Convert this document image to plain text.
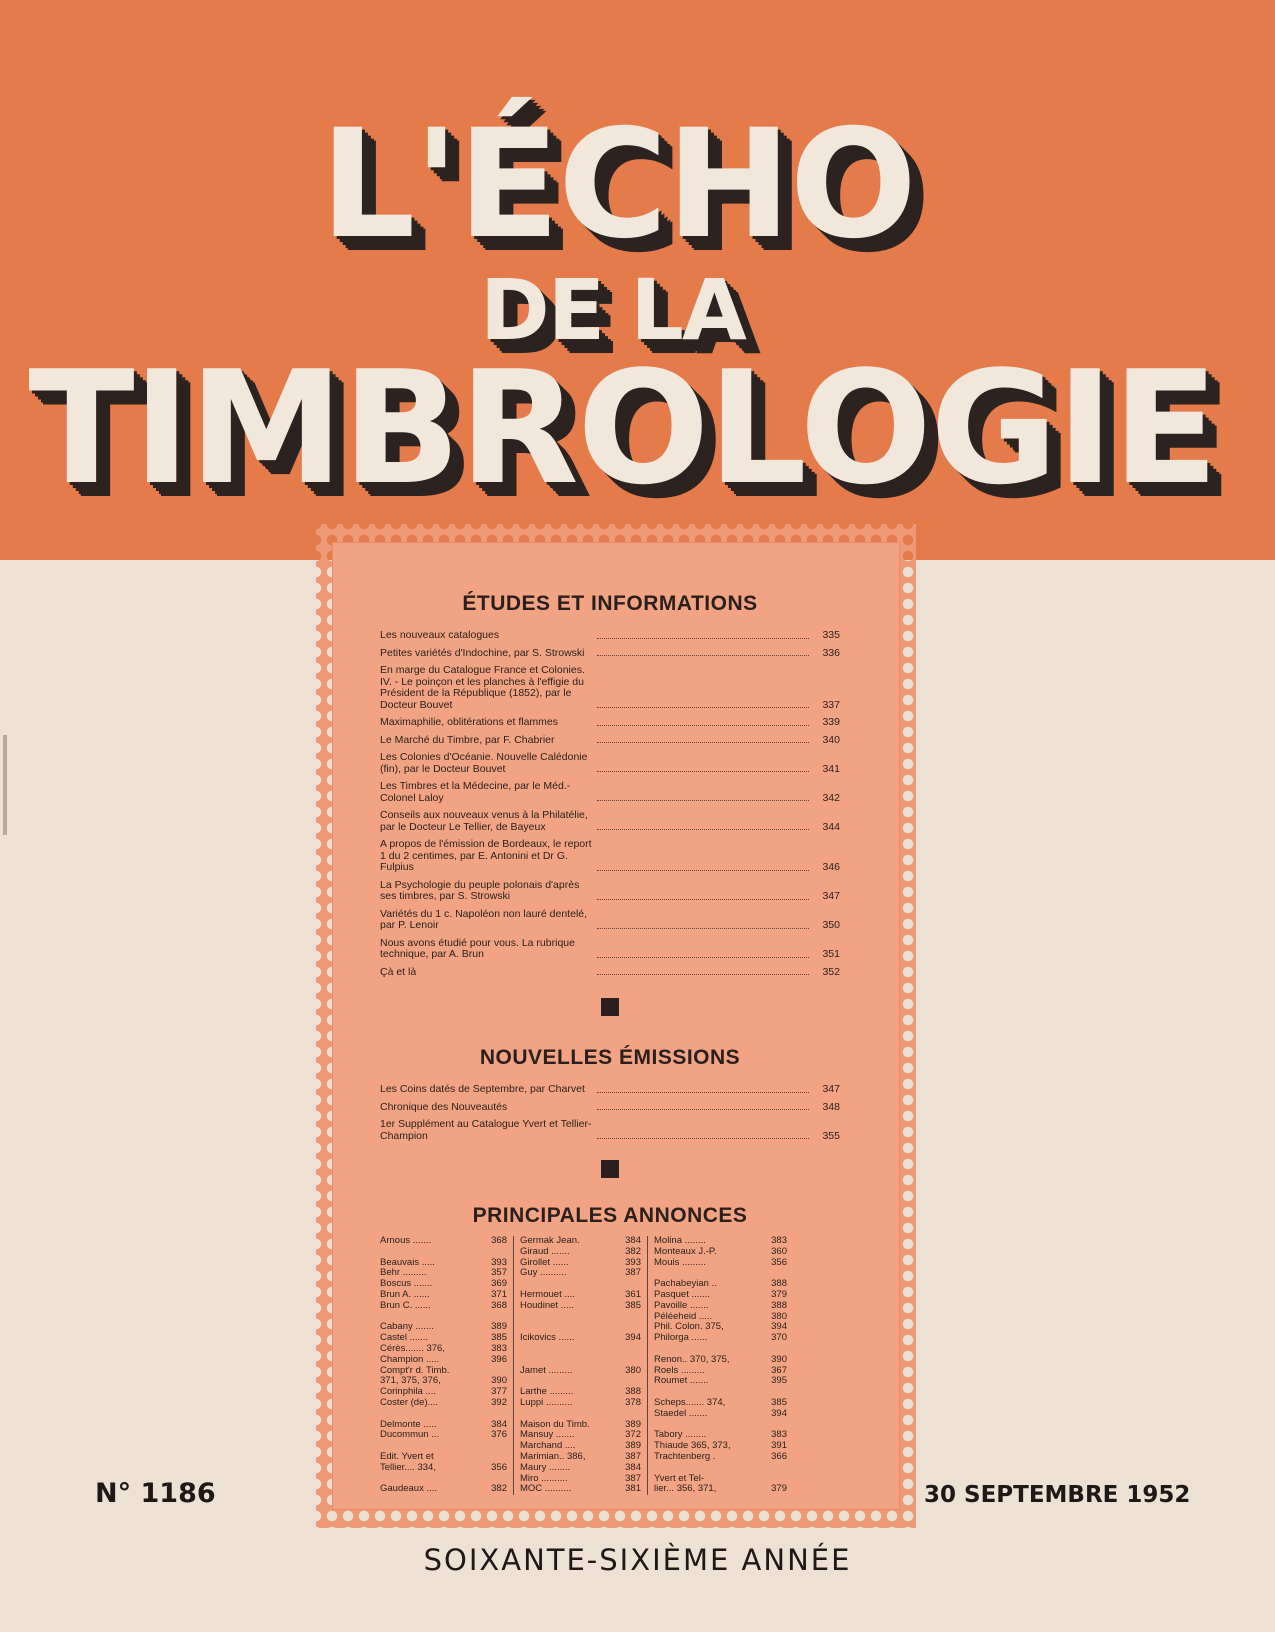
L'ÉCHO
DE LA
TIMBROLOGIE
ÉTUDES ET INFORMATIONS
Les nouveaux catalogues	335
Petites variétés d'Indochine, par S. Strowski	336
En marge du Catalogue France et Colonies. IV. - Le poinçon et les planches à l'effigie du Président de la République (1852), par le Docteur Bouvet	337
Maximaphilie, oblitérations et flammes	339
Le Marché du Timbre, par F. Chabrier	340
Les Colonies d'Océanie. Nouvelle Calédonie (fin), par le Docteur Bouvet	341
Les Timbres et la Médecine, par le Méd.-Colonel Laloy	342
Conseils aux nouveaux venus à la Philatélie, par le Docteur Le Tellier, de Bayeux	344
A propos de l'émission de Bordeaux, le report 1 du 2 centimes, par E. Antonini et Dr G. Fulpius	346
La Psychologie du peuple polonais d'après ses timbres, par S. Strowski	347
Variétés du 1 c. Napoléon non lauré dentelé, par P. Lenoir	350
Nous avons étudié pour vous. La rubrique technique, par A. Brun	351
Çà et là	352
NOUVELLES ÉMISSIONS
Les Coins datés de Septembre, par Charvet	347
Chronique des Nouveautés	348
1er Supplément au Catalogue Yvert et Tellier-Champion	355
PRINCIPALES ANNONCES
Arnous .......	368
Beauvais .....	393
Behr .........	357
Boscus .......	369
Brun A. ......	371
Brun C. ......	368
Cabany .......	389
Castel .......	385
Cérès....... 376,	383
Champion .....	396
Compt'r d. Timb.
371, 375, 376,	390
Corinphila ....	377
Coster (de)....	392
Delmonte .....	384
Ducommun ...	376
Edit. Yvert et
Tellier.... 334,	356
Gaudeaux ....	382
Germak Jean.	384
Giraud .......	382
Girollet ......	393
Guy ..........	387
Hermouet ....	361
Houdinet .....	385
Icikovics ......	394
Jamet .........	380
Larthe .........	388
Luppi ..........	378
Maison du Timb.	389
Mansuy .......	372
Marchand ....	389
Marimian.. 386,	387
Maury ........	384
Miro ..........	387
MOC ..........	381
Molina ........	383
Monteaux J.-P.	360
Mouis .........	356
Pachabeyian ..	388
Pasquet .......	379
Pavoille .......	388
Péléeheid .....	380
Phil. Colon. 375,	394
Philorga ......	370
Renon.. 370, 375,	390
Roels .........	367
Roumet .......	395
Scheps....... 374,	385
Staedel .......	394
Tabory ........	383
Thiaude 365, 373,	391
Trachtenberg .	366
Yvert et Tel-
lier... 356, 371,	379
N° 1186	30 SEPTEMBRE 1952
SOIXANTE-SIXIÈME ANNÉE
